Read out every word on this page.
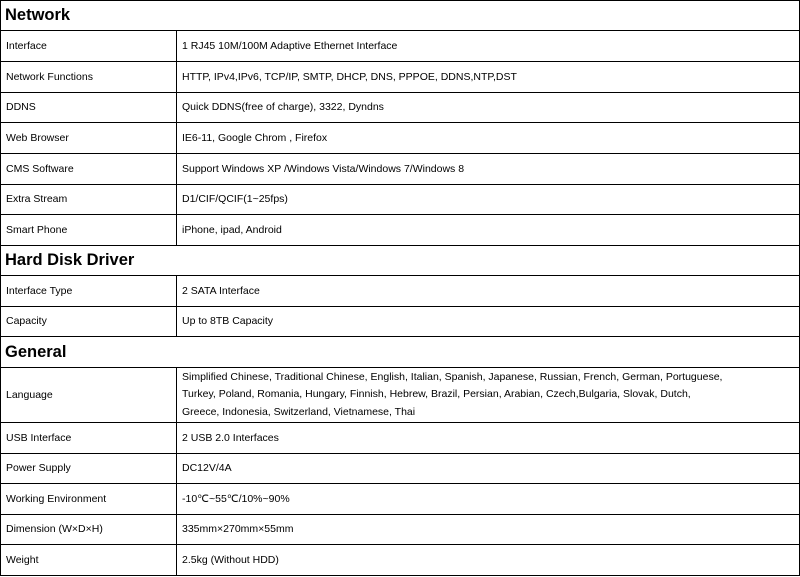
Network	
Interface	1 RJ45 10M/100M Adaptive Ethernet Interface
Network Functions	HTTP, IPv4,IPv6, TCP/IP, SMTP, DHCP, DNS, PPPOE, DDNS,NTP,DST
DDNS	Quick DDNS(free of charge), 3322, Dyndns
Web Browser	IE6-11, Google Chrom , Firefox
CMS Software	Support Windows XP /Windows Vista/Windows 7/Windows 8
Extra Stream	D1/CIF/QCIF(1~25fps)
Smart Phone	iPhone, ipad, Android
Hard Disk Driver	
Interface Type	2 SATA Interface
Capacity	Up to 8TB Capacity
General	
Language	Simplified Chinese, Traditional Chinese, English, Italian, Spanish, Japanese, Russian, French, German, Portuguese,
Turkey, Poland, Romania, Hungary, Finnish, Hebrew, Brazil, Persian, Arabian, Czech,Bulgaria, Slovak, Dutch,
Greece, Indonesia, Switzerland, Vietnamese, Thai

USB Interface	2 USB 2.0 Interfaces
Power Supply	DC12V/4A
Working Environment	-10℃~55℃/10%~90%
Dimension (W×D×H)	335mm×270mm×55mm
Weight	2.5kg (Without HDD)
